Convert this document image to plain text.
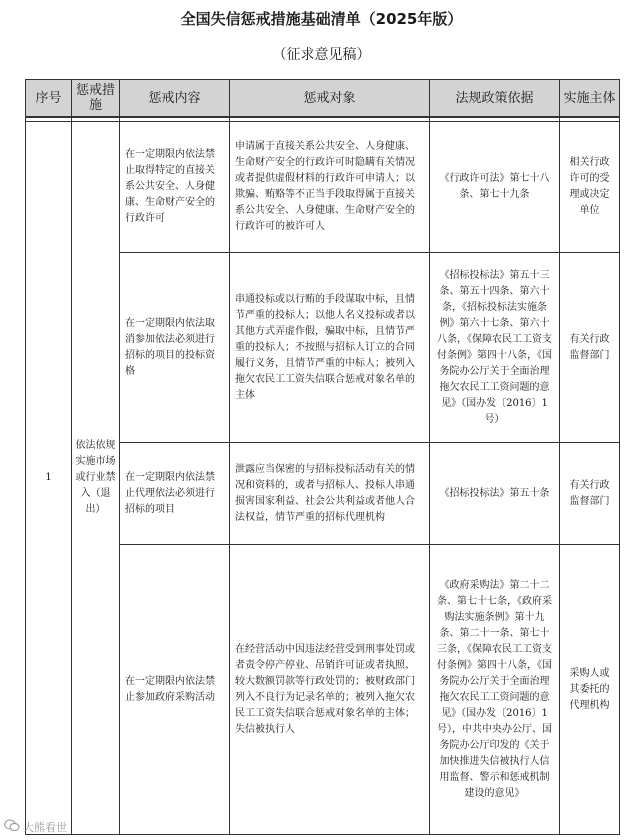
全国失信惩戒措施基础清单（2025年版）
（征求意见稿）
序号	惩戒措施	惩戒内容	惩戒对象	法规政策依据	实施主体

1	依法依规实施市场或行业禁入（退出）	在一定期限内依法禁止取得特定的直接关系公共安全、人身健康、生命财产安全的行政许可	申请属于直接关系公共安全、人身健康、生命财产安全的行政许可时隐瞒有关情况或者提供虚假材料的行政许可申请人；以欺骗、贿赂等不正当手段取得属于直接关系公共安全、人身健康、生命财产安全的行政许可的被许可人	《行政许可法》第七十八条、第七十九条	相关行政许可的受理或决定单位
		在一定期限内依法取消参加依法必须进行招标的项目的投标资格	串通投标或以行贿的手段谋取中标，且情节严重的投标人；以他人名义投标或者以其他方式弄虚作假，骗取中标，且情节严重的投标人；不按照与招标人订立的合同履行义务，且情节严重的中标人；被列入拖欠农民工工资失信联合惩戒对象名单的主体	《招标投标法》第五十三条、第五十四条、第六十条，《招标投标法实施条例》第六十七条、第六十八条，《保障农民工工资支付条例》第四十八条，《国务院办公厅关于全面治理拖欠农民工工资问题的意见》（国办发〔2016〕1号）	有关行政监督部门
		在一定期限内依法禁止代理依法必须进行招标的项目	泄露应当保密的与招标投标活动有关的情况和资料的，或者与招标人、投标人串通损害国家利益、社会公共利益或者他人合法权益，情节严重的招标代理机构	《招标投标法》第五十条	有关行政监督部门
		在一定期限内依法禁止参加政府采购活动	在经营活动中因违法经营受到刑事处罚或者责令停产停业、吊销许可证或者执照、较大数额罚款等行政处罚的；被财政部门列入不良行为记录名单的；被列入拖欠农民工工资失信联合惩戒对象名单的主体；失信被执行人	《政府采购法》第二十二条、第七十七条，《政府采购法实施条例》第十九条、第二十一条、第七十三条，《保障农民工工资支付条例》第四十八条，《国务院办公厅关于全面治理拖欠农民工工资问题的意见》（国办发〔2016〕1号），中共中央办公厅、国务院办公厅印发的《关于加快推进失信被执行人信用监督、警示和惩戒机制建设的意见》	采购人或其委托的代理机构
大熊看世
